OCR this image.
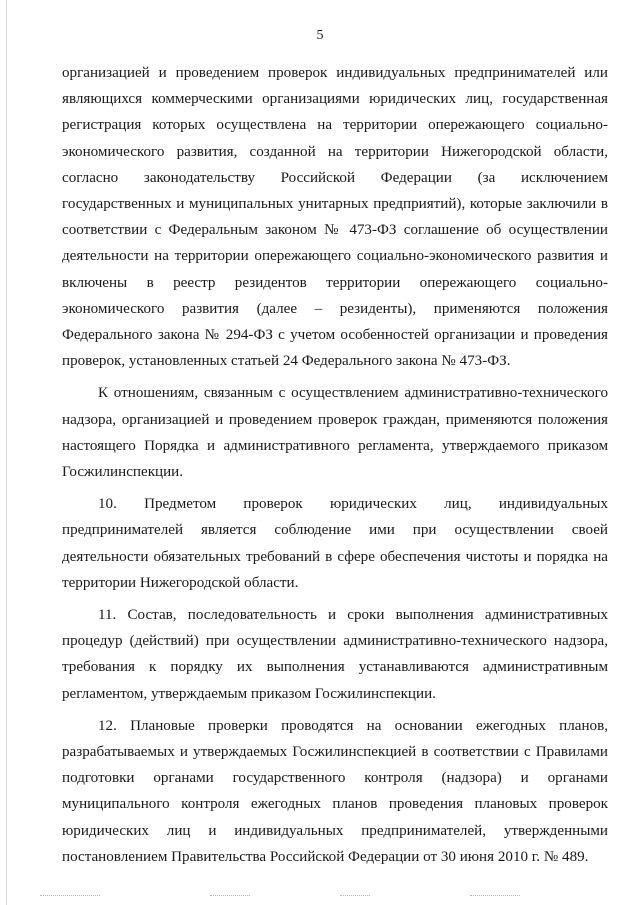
5

организацией и проведением проверок индивидуальных предпринимателей или являющихся коммерческими организациями юридических лиц, государственная регистрация которых осуществлена на территории опережающего социально-экономического развития, созданной на территории Нижегородской области, согласно законодательству Российской Федерации (за исключением государственных и муниципальных унитарных предприятий), которые заключили в соответствии с Федеральным законом № 473-ФЗ соглашение об осуществлении деятельности на территории опережающего социально-экономического развития и включены в реестр резидентов территории опережающего социально-экономического развития (далее – резиденты), применяются положения Федерального закона № 294-ФЗ с учетом особенностей организации и проведения проверок, установленных статьей 24 Федерального закона № 473-ФЗ.

К отношениям, связанным с осуществлением административно-технического надзора, организацией и проведением проверок граждан, применяются положения настоящего Порядка и административного регламента, утверждаемого приказом Госжилинспекции.

10. Предметом проверок юридических лиц, индивидуальных предпринимателей является соблюдение ими при осуществлении своей деятельности обязательных требований в сфере обеспечения чистоты и порядка на территории Нижегородской области.

11. Состав, последовательность и сроки выполнения административных процедур (действий) при осуществлении административно-технического надзора, требования к порядку их выполнения устанавливаются административным регламентом, утверждаемым приказом Госжилинспекции.

12. Плановые проверки проводятся на основании ежегодных планов, разрабатываемых и утверждаемых Госжилинспекцией в соответствии с Правилами подготовки органами государственного контроля (надзора) и органами муниципального контроля ежегодных планов проведения плановых проверок юридических лиц и индивидуальных предпринимателей, утвержденными постановлением Правительства Российской Федерации от 30 июня 2010 г. № 489.
